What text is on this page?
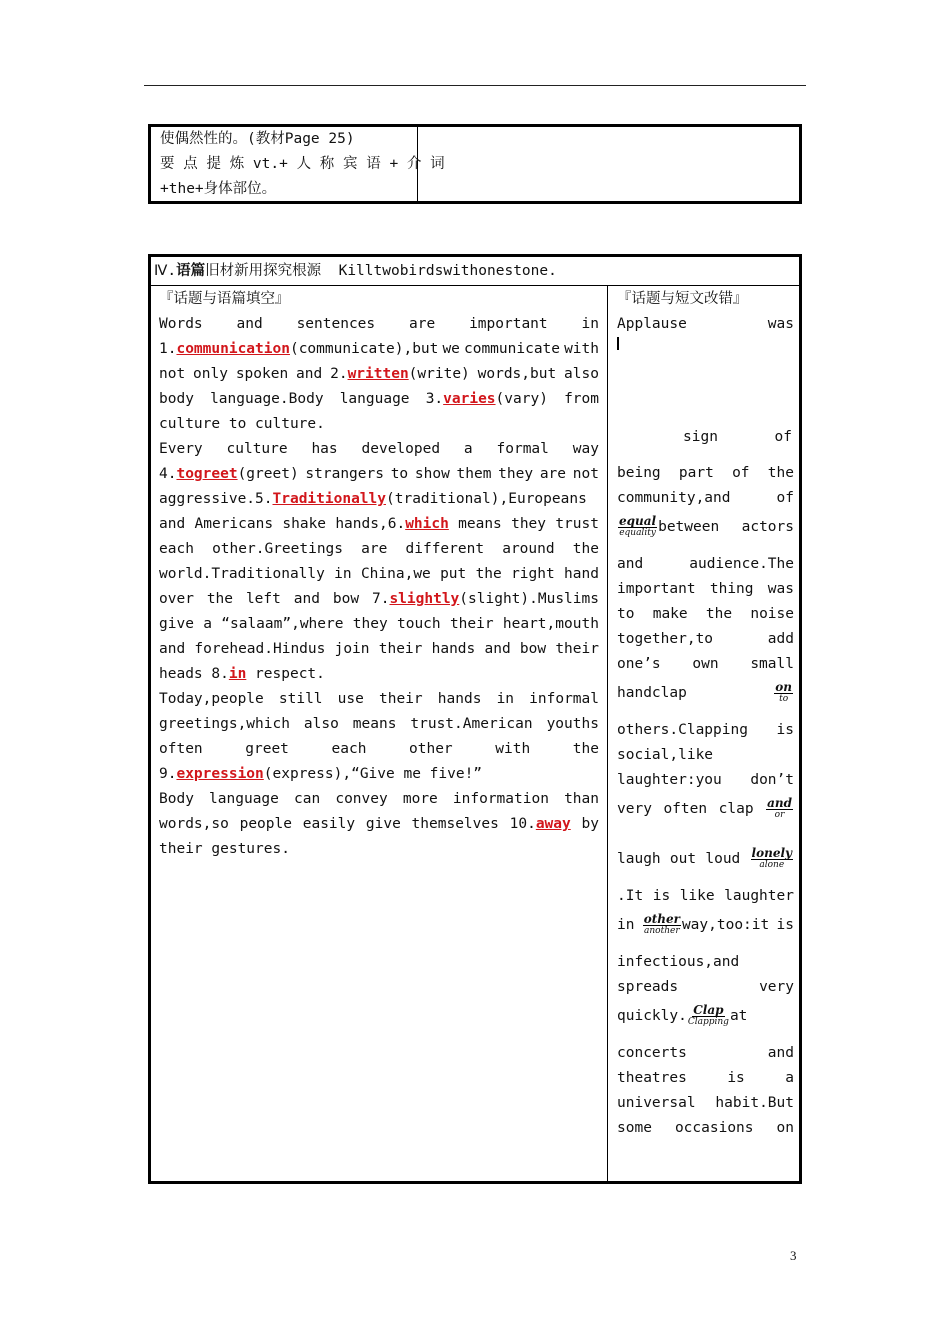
使偶然性的。(教材Page 25)
要 点 提 炼 vt.+ 人 称 宾 语 + 介 词
+the+身体部位。
Ⅳ.语篇旧材新用探究根源 Killtwobirdswithonestone.
『话题与语篇填空』
Words and sentences are important in
1.communication(communicate),but we communicate with
not only spoken and 2.written(write) words,but also
body language.Body language 3.varies(vary) from
culture to culture.
Every culture has developed a formal way
4.togreet(greet) strangers to show them they are not
aggressive.5.Traditionally(traditional),Europeans
and Americans shake hands,6.which means they trust
each other.Greetings are different around the
world.Traditionally in China,we put the right hand
over the left and bow 7.slightly(slight).Muslims
give a “salaam”,where they touch their heart,mouth
and forehead.Hindus join their hands and bow their
heads 8.in respect.
Today,people still use their hands in informal
greetings,which also means trust.American youths
often	greet	each	other	with	the
9.expression(express),“Give me five!”
Body language can convey more information than
words,so people easily give themselves 10.away by
their gestures.
『话题与短文改错』
Applause	was
sign	of
being part of the
community,and	of
$\frac{\text{equal}}{\text{equality}}$ between actors
and	audience.The
important thing was
to make the noise
together,to	add
one’s own small
handclap	$\frac{on}{to}$
others.Clapping is
social,like
laughter:you don’t
very often clap $\frac{\text{and}}{or}$
laugh out loud $\frac{\text{lonely}}{\text{alone}}$
.It is like laughter
in $\frac{\text{other}}{\text{another}}$ way,too:it is
infectious,and
spreads	very
quickly. $\frac{\text{Clap}}{\text{Clapping}}$ at
concerts	and
theatres	is	a
universal habit.But
some occasions on
3
